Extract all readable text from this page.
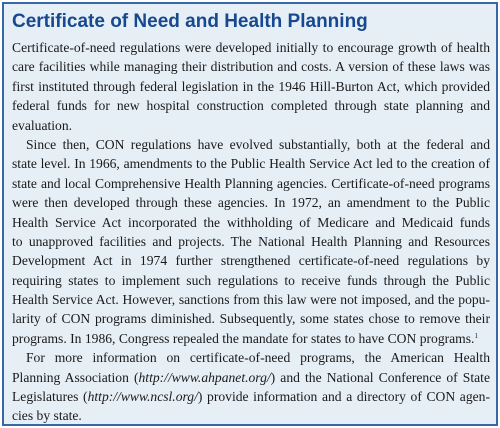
Certificate of Need and Health Planning
Certificate-of-need regulations were developed initially to encourage growth of health
care facilities while managing their distribution and costs. A version of these laws was
first instituted through federal legislation in the 1946 Hill-Burton Act, which provided
federal funds for new hospital construction completed through state planning and
evaluation.
Since then, CON regulations have evolved substantially, both at the federal and
state level. In 1966, amendments to the Public Health Service Act led to the creation of
state and local Comprehensive Health Planning agencies. Certificate-of-need programs
were then developed through these agencies. In 1972, an amendment to the Public
Health Service Act incorporated the withholding of Medicare and Medicaid funds
to unapproved facilities and projects. The National Health Planning and Resources
Development Act in 1974 further strengthened certificate-of-need regulations by
requiring states to implement such regulations to receive funds through the Public
Health Service Act. However, sanctions from this law were not imposed, and the popu-
larity of CON programs diminished. Subsequently, some states chose to remove their
programs. In 1986, Congress repealed the mandate for states to have CON programs.$^1$
For more information on certificate-of-need programs, the American Health
Planning Association (http://www.ahpanet.org/) and the National Conference of State
Legislatures (http://www.ncsl.org/) provide information and a directory of CON agen-
cies by state.
